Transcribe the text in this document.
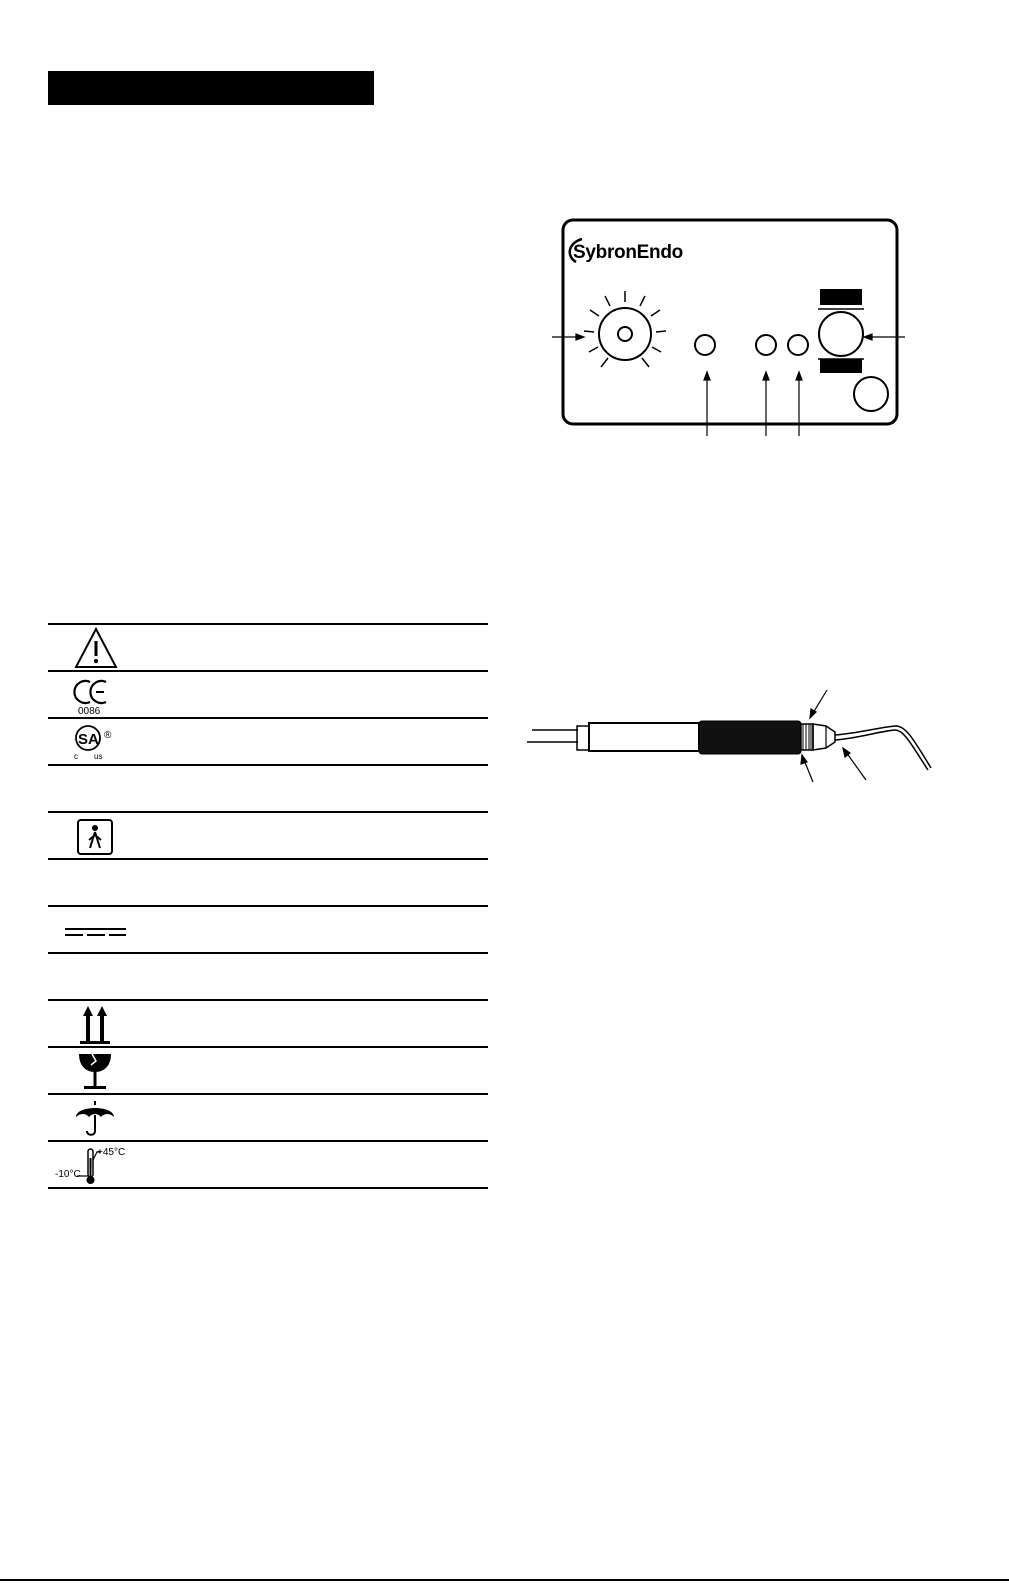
SybronEndo
0086
SA ®
c us
-10°C
+45°C
